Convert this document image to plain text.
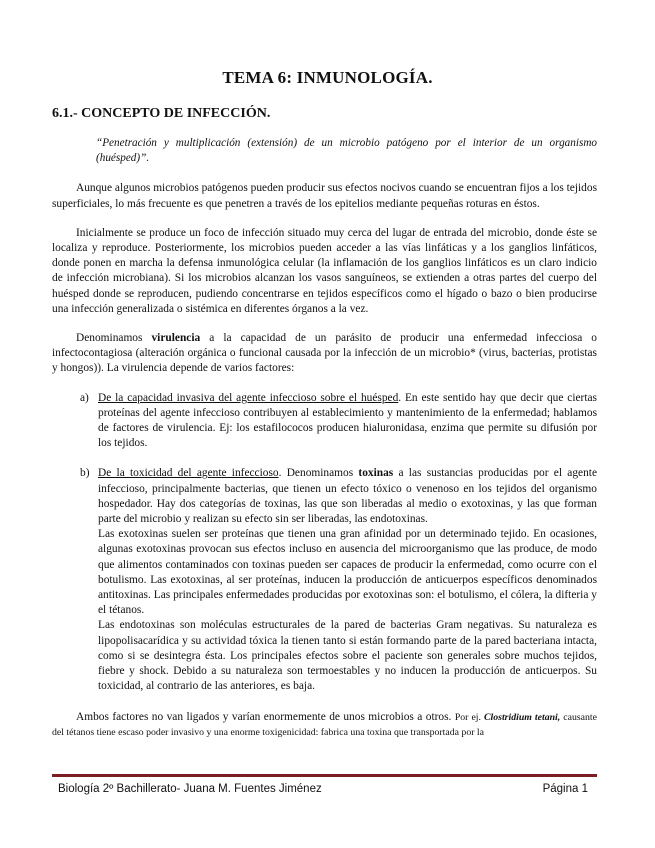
TEMA 6: INMUNOLOGÍA.
6.1.- CONCEPTO DE INFECCIÓN.

“Penetración y multiplicación (extensión) de un microbio patógeno por el interior de un organismo (huésped)”.

Aunque algunos microbios patógenos pueden producir sus efectos nocivos cuando se encuentran fijos a los tejidos superficiales, lo más frecuente es que penetren a través de los epitelios mediante pequeñas roturas en éstos.

Inicialmente se produce un foco de infección situado muy cerca del lugar de entrada del microbio, donde éste se localiza y reproduce. Posteriormente, los microbios pueden acceder a las vías linfáticas y a los ganglios linfáticos, donde ponen en marcha la defensa inmunológica celular (la inflamación de los ganglios linfáticos es un claro indicio de infección microbiana). Si los microbios alcanzan los vasos sanguíneos, se extienden a otras partes del cuerpo del huésped donde se reproducen, pudiendo concentrarse en tejidos específicos como el hígado o bazo o bien producirse una infección generalizada o sistémica en diferentes órganos a la vez.

Denominamos virulencia a la capacidad de un parásito de producir una enfermedad infecciosa o infectocontagiosa (alteración orgánica o funcional causada por la infección de un microbio* (virus, bacterias, protistas y hongos)). La virulencia depende de varios factores:

a) De la capacidad invasiva del agente infeccioso sobre el huésped. En este sentido hay que decir que ciertas proteínas del agente infeccioso contribuyen al establecimiento y mantenimiento de la enfermedad; hablamos de factores de virulencia. Ej: los estafilococos producen hialuronidasa, enzima que permite su difusión por los tejidos.

b) De la toxicidad del agente infeccioso. Denominamos toxinas a las sustancias producidas por el agente infeccioso, principalmente bacterias, que tienen un efecto tóxico o venenoso en los tejidos del organismo hospedador. Hay dos categorías de toxinas, las que son liberadas al medio o exotoxinas, y las que forman parte del microbio y realizan su efecto sin ser liberadas, las endotoxinas.

Las exotoxinas suelen ser proteínas que tienen una gran afinidad por un determinado tejido. En ocasiones, algunas exotoxinas provocan sus efectos incluso en ausencia del microorganismo que las produce, de modo que alimentos contaminados con toxinas pueden ser capaces de producir la enfermedad, como ocurre con el botulismo. Las exotoxinas, al ser proteínas, inducen la producción de anticuerpos específicos denominados antitoxinas. Las principales enfermedades producidas por exotoxinas son: el botulismo, el cólera, la difteria y el tétanos.

Las endotoxinas son moléculas estructurales de la pared de bacterias Gram negativas. Su naturaleza es lipopolisacarídica y su actividad tóxica la tienen tanto si están formando parte de la pared bacteriana intacta, como si se desintegra ésta. Los principales efectos sobre el paciente son generales sobre muchos tejidos, fiebre y shock. Debido a su naturaleza son termoestables y no inducen la producción de anticuerpos. Su toxicidad, al contrario de las anteriores, es baja.

Ambos factores no van ligados y varían enormemente de unos microbios a otros. Por ej. Clostridium tetani, causante del tétanos tiene escaso poder invasivo y una enorme toxigenicidad: fabrica una toxina que transportada por la

Biología 2º Bachillerato- Juana M. Fuentes Jiménez	Página 1
